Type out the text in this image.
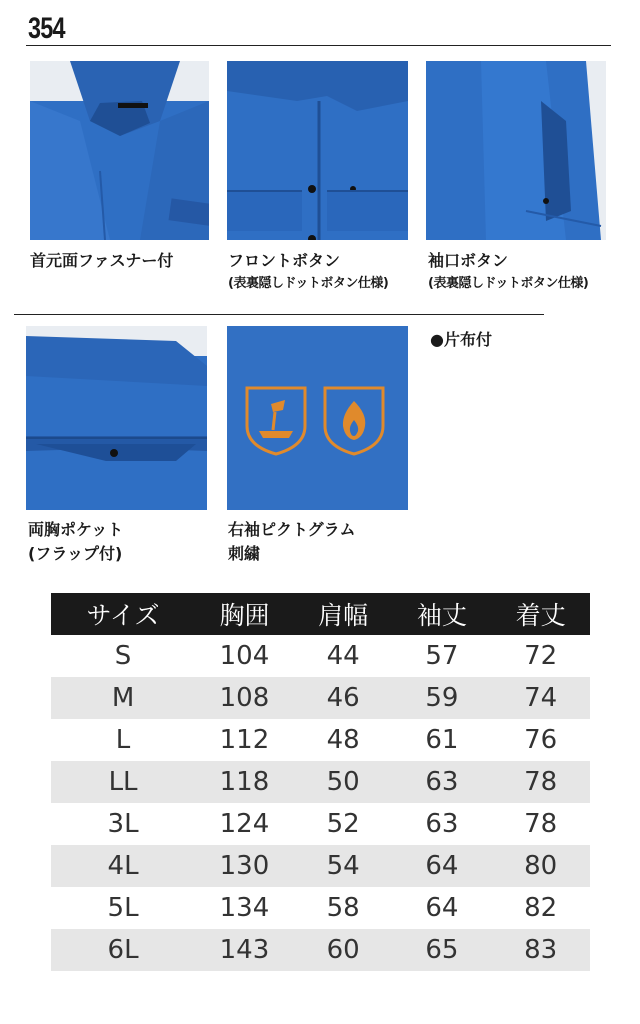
354
首元面ファスナー付	フロントボタン
(表裏隠しドットボタン仕様)
袖口ボタン
(表裏隠しドットボタン仕様)
●片布付
両胸ポケット
(フラップ付)
右袖ピクトグラム
刺繍
サイズ	胸囲	肩幅	袖丈	着丈
S	104	44	57	72
M	108	46	59	74
L	112	48	61	76
LL	118	50	63	78
3L	124	52	63	78
4L	130	54	64	80
5L	134	58	64	82
6L	143	60	65	83
